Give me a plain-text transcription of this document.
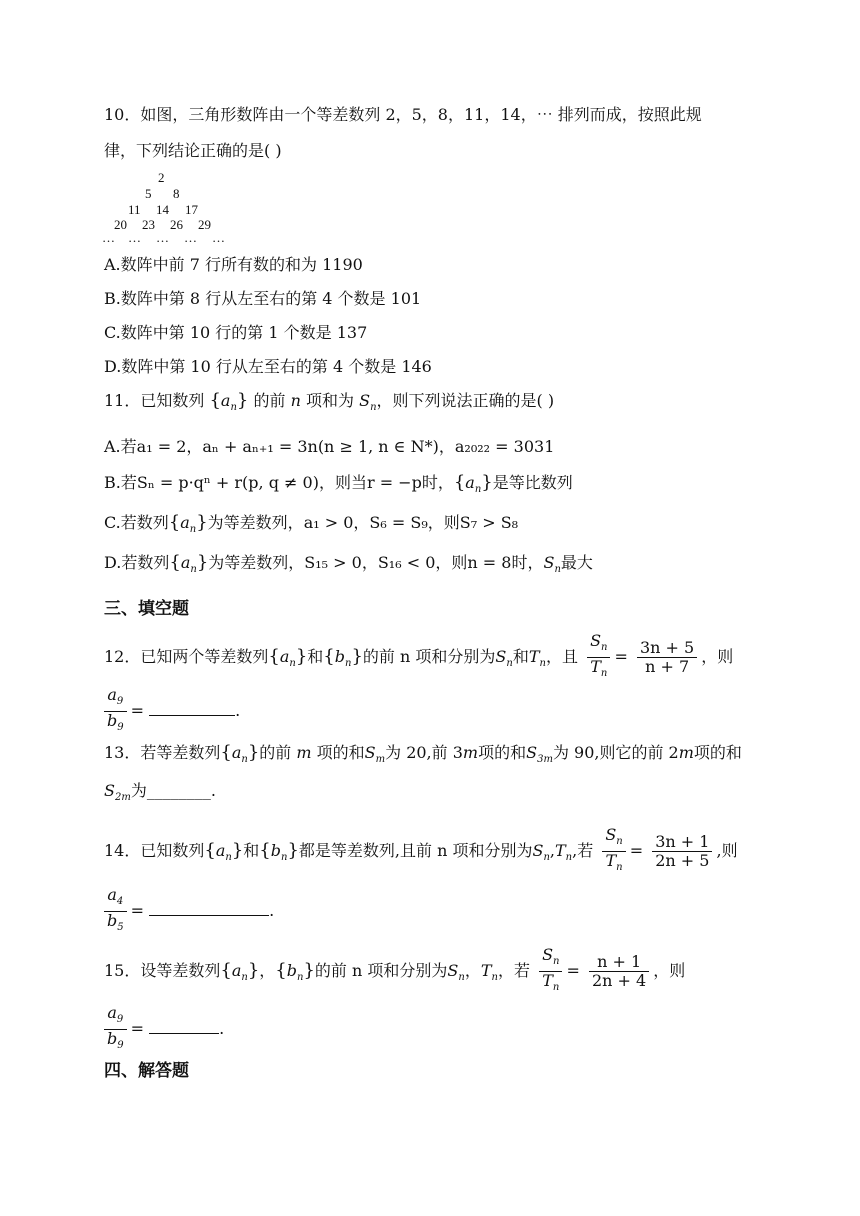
10．如图，三角形数阵由一个等差数列 2，5，8，11，14，⋯ 排列而成，按照此规
律，下列结论正确的是( )
2
5 8
11 14 17
20 23 26 29
… … … … …
A.数阵中前 7 行所有数的和为 1190
B.数阵中第 8 行从左至右的第 4 个数是 101
C.数阵中第 10 行的第 1 个数是 137
D.数阵中第 10 行从左至右的第 4 个数是 146
11．已知数列 $\{a_n\}$ 的前 n 项和为 $S_n$，则下列说法正确的是( )
A.若a₁ = 2，aₙ + aₙ₊₁ = 3n(n ≥ 1, n ∈ N*)，a₂₀₂₂ = 3031
B.若Sₙ = p·qⁿ + r(p, q ≠ 0)，则当r = −p时，$\{a_n\}$是等比数列
C.若数列$\{a_n\}$为等差数列，a₁ > 0，S₆ = S₉，则S₇ > S₈
D.若数列$\{a_n\}$为等差数列，S₁₅ > 0，S₁₆ < 0，则n = 8时，$S_n$最大
三、填空题
12．已知两个等差数列$\{a_n\}$和$\{b_n\}$的前 n 项和分别为$S_n$和$T_n$，且 $\frac{S_n}{T_n} = \frac{3n + 5}{n + 7}$ ，则
$\frac{a_9}{b_9}$ =	.
13．若等差数列$\{a_n\}$的前 m 项的和$S_m$为 20,前 3m项的和$S_{3m}$为 90,则它的前 2m项的和
$S_{2m}$为________.
14．已知数列$\{a_n\}$和$\{b_n\}$都是等差数列,且前 n 项和分别为$S_n,T_n$,若 $\frac{S_n}{T_n} = \frac{3n + 1}{2n + 5}$ ,则
$\frac{a_4}{b_5}$ =	.
15．设等差数列$\{a_n\}$，$\{b_n\}$的前 n 项和分别为$S_n$，$T_n$，若 $\frac{S_n}{T_n} = \frac{n + 1}{2n + 4}$ ，则
$\frac{a_9}{b_9}$ =	.
四、解答题
